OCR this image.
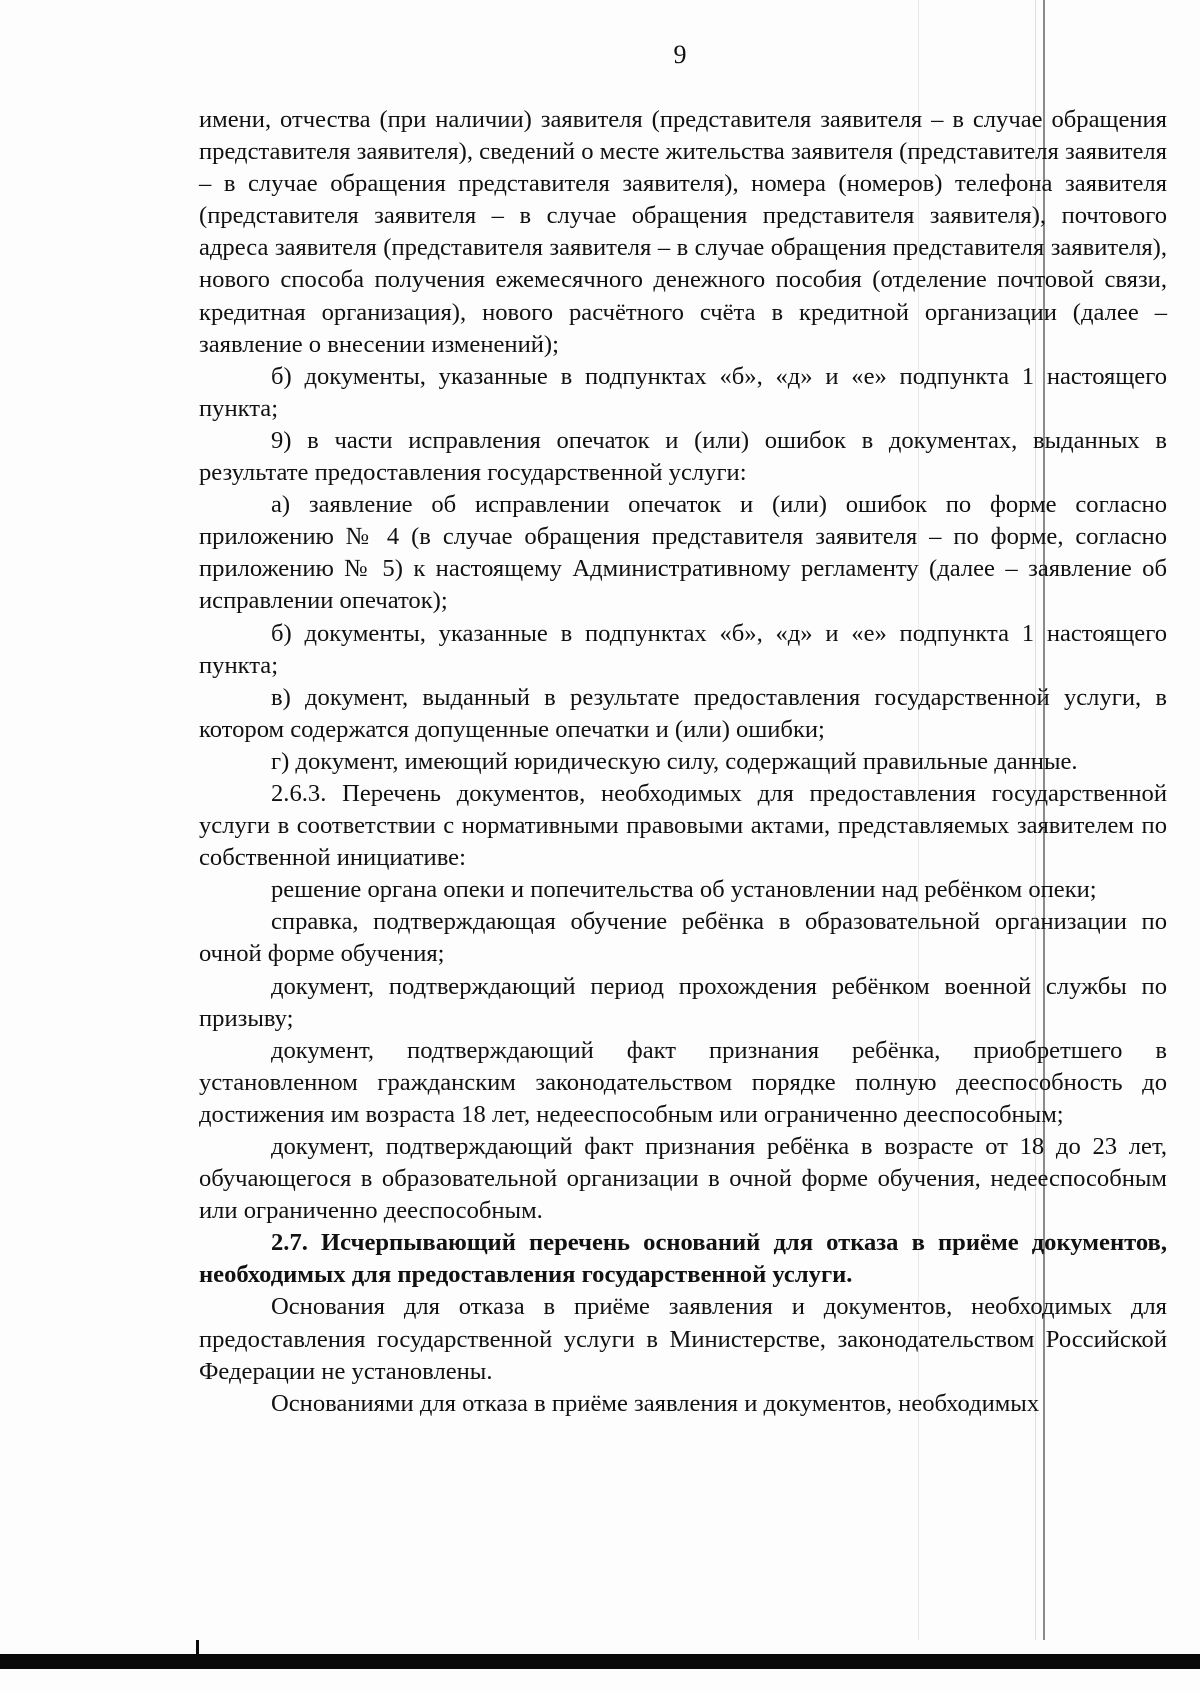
9

имени, отчества (при наличии) заявителя (представителя заявителя – в случае обращения представителя заявителя), сведений о месте жительства заявителя (представителя заявителя – в случае обращения представителя заявителя), номера (номеров) телефона заявителя (представителя заявителя – в случае обращения представителя заявителя), почтового адреса заявителя (представителя заявителя – в случае обращения представителя заявителя), нового способа получения ежемесячного денежного пособия (отделение почтовой связи, кредитная организация), нового расчётного счёта в кредитной организации (далее – заявление о внесении изменений);

б) документы, указанные в подпунктах «б», «д» и «е» подпункта 1 настоящего пункта;

9) в части исправления опечаток и (или) ошибок в документах, выданных в результате предоставления государственной услуги:

а) заявление об исправлении опечаток и (или) ошибок по форме согласно приложению № 4 (в случае обращения представителя заявителя – по форме, согласно приложению № 5) к настоящему Административному регламенту (далее – заявление об исправлении опечаток);

б) документы, указанные в подпунктах «б», «д» и «е» подпункта 1 настоящего пункта;

в) документ, выданный в результате предоставления государственной услуги, в котором содержатся допущенные опечатки и (или) ошибки;

г) документ, имеющий юридическую силу, содержащий правильные данные.

2.6.3. Перечень документов, необходимых для предоставления государственной услуги в соответствии с нормативными правовыми актами, представляемых заявителем по собственной инициативе:

решение органа опеки и попечительства об установлении над ребёнком опеки;

справка, подтверждающая обучение ребёнка в образовательной организации по очной форме обучения;

документ, подтверждающий период прохождения ребёнком военной службы по призыву;

документ, подтверждающий факт признания ребёнка, приобретшего в установленном гражданским законодательством порядке полную дееспособность до достижения им возраста 18 лет, недееспособным или ограниченно дееспособным;

документ, подтверждающий факт признания ребёнка в возрасте от 18 до 23 лет, обучающегося в образовательной организации в очной форме обучения, недееспособным или ограниченно дееспособным.

2.7. Исчерпывающий перечень оснований для отказа в приёме документов, необходимых для предоставления государственной услуги.

Основания для отказа в приёме заявления и документов, необходимых для предоставления государственной услуги в Министерстве, законодательством Российской Федерации не установлены.

Основаниями для отказа в приёме заявления и документов, необходимых
